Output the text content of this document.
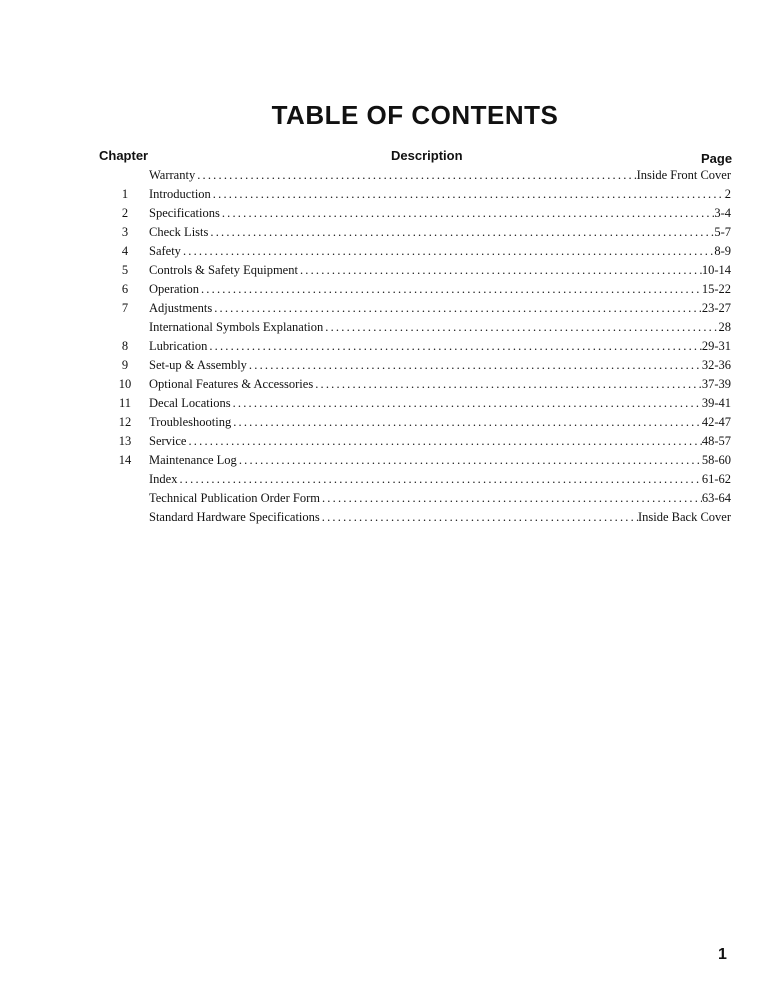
TABLE OF CONTENTS
Chapter	Description	Page
Warranty .....	Inside Front Cover
1	Introduction .....	2
2	Specifications .....	3-4
3	Check Lists .....	5-7
4	Safety .....	8-9
5	Controls & Safety Equipment .....	10-14
6	Operation .....	15-22
7	Adjustments .....	23-27
International Symbols Explanation .....	28
8	Lubrication .....	29-31
9	Set-up & Assembly .....	32-36
10	Optional Features & Accessories .....	37-39
11	Decal Locations .....	39-41
12	Troubleshooting .....	42-47
13	Service .....	48-57
14	Maintenance Log .....	58-60
Index .....	61-62
Technical Publication Order Form .....	63-64
Standard Hardware Specifications .....	Inside Back Cover
1
